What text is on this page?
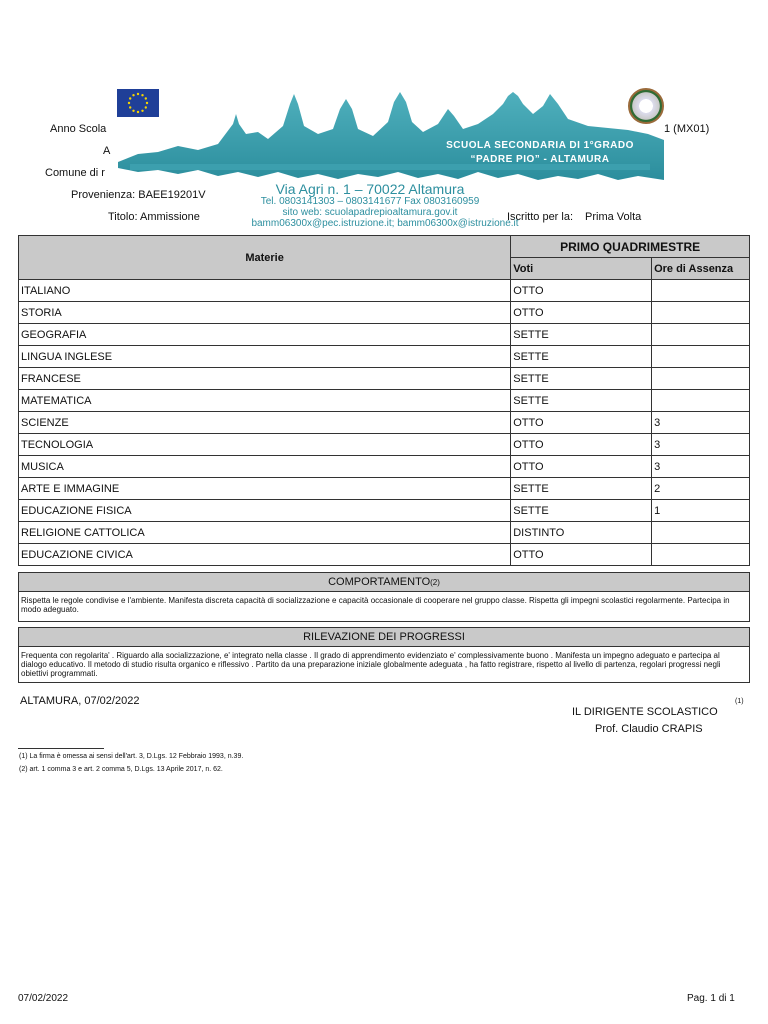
Anno Scola	1 (MX01)
A
Comune di r
Provenienza: BAEE19201V
Titolo: Ammissione	Iscritto per la: Prima Volta
SCUOLA SECONDARIA DI 1°GRADO
“PADRE PIO” - ALTAMURA
Via Agri n. 1 – 70022 Altamura
Tel. 0803141303 – 0803141677 Fax 0803160959
sito web: scuolapadrepioaltamura.gov.it
bamm06300x@pec.istruzione.it; bamm06300x@istruzione.it
Materie	PRIMO QUADRIMESTRE	
	Voti	Ore di Assenza
ITALIANO	OTTO	
STORIA	OTTO	
GEOGRAFIA	SETTE	
LINGUA INGLESE	SETTE	
FRANCESE	SETTE	
MATEMATICA	SETTE	
SCIENZE	OTTO	3
TECNOLOGIA	OTTO	3
MUSICA	OTTO	3
ARTE E IMMAGINE	SETTE	2
EDUCAZIONE FISICA	SETTE	1
RELIGIONE CATTOLICA	DISTINTO	
EDUCAZIONE CIVICA	OTTO	
COMPORTAMENTO(2)
Rispetta le regole condivise e l'ambiente. Manifesta discreta capacità di socializzazione e capacità occasionale di cooperare nel gruppo classe. Rispetta gli impegni scolastici regolarmente. Partecipa in modo adeguato.
RILEVAZIONE DEI PROGRESSI
Frequenta con regolarita' . Riguardo alla socializzazione, e' integrato nella classe . Il grado di apprendimento evidenziato e' complessivamente buono . Manifesta un impegno adeguato e partecipa al dialogo educativo. Il metodo di studio risulta organico e riflessivo . Partito da una preparazione iniziale globalmente adeguata , ha fatto registrare, rispetto al livello di partenza, regolari progressi negli obiettivi programmati.
ALTAMURA, 07/02/2022	(1)
IL DIRIGENTE SCOLASTICO
Prof. Claudio CRAPIS
(1) La firma è omessa ai sensi dell'art. 3, D.Lgs. 12 Febbraio 1993, n.39.
(2) art. 1 comma 3 e art. 2 comma 5, D.Lgs. 13 Aprile 2017, n. 62.
07/02/2022	Pag. 1 di 1
